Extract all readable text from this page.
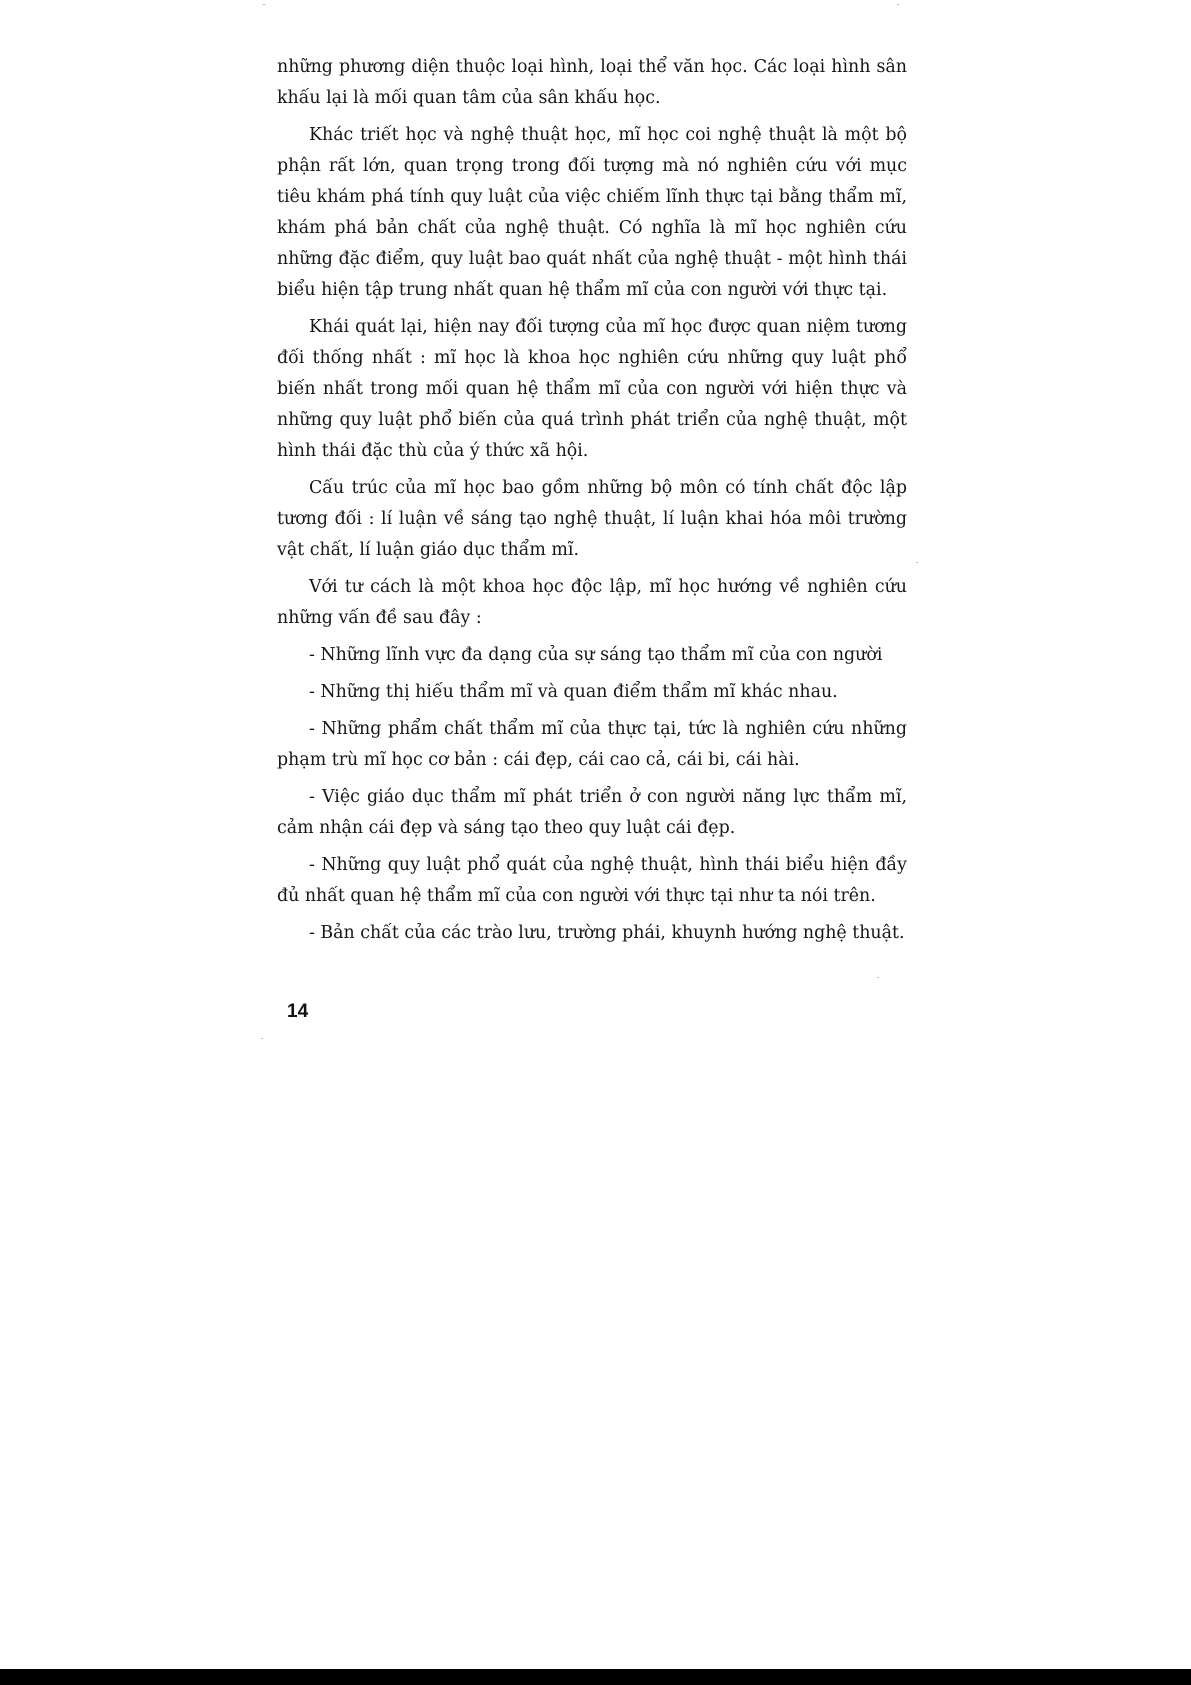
những phương diện thuộc loại hình, loại thể văn học. Các loại hình sân khấu lại là mối quan tâm của sân khấu học.

Khác triết học và nghệ thuật học, mĩ học coi nghệ thuật là một bộ phận rất lớn, quan trọng trong đối tượng mà nó nghiên cứu với mục tiêu khám phá tính quy luật của việc chiếm lĩnh thực tại bằng thẩm mĩ, khám phá bản chất của nghệ thuật. Có nghĩa là mĩ học nghiên cứu những đặc điểm, quy luật bao quát nhất của nghệ thuật - một hình thái biểu hiện tập trung nhất quan hệ thẩm mĩ của con người với thực tại.

Khái quát lại, hiện nay đối tượng của mĩ học được quan niệm tương đối thống nhất : mĩ học là khoa học nghiên cứu những quy luật phổ biến nhất trong mối quan hệ thẩm mĩ của con người với hiện thực và những quy luật phổ biến của quá trình phát triển của nghệ thuật, một hình thái đặc thù của ý thức xã hội.

Cấu trúc của mĩ học bao gồm những bộ môn có tính chất độc lập tương đối : lí luận về sáng tạo nghệ thuật, lí luận khai hóa môi trường vật chất, lí luận giáo dục thẩm mĩ.

Với tư cách là một khoa học độc lập, mĩ học hướng về nghiên cứu những vấn đề sau đây :

- Những lĩnh vực đa dạng của sự sáng tạo thẩm mĩ của con người

- Những thị hiếu thẩm mĩ và quan điểm thẩm mĩ khác nhau.

- Những phẩm chất thẩm mĩ của thực tại, tức là nghiên cứu những phạm trù mĩ học cơ bản : cái đẹp, cái cao cả, cái bi, cái hài.

- Việc giáo dục thẩm mĩ phát triển ở con người năng lực thẩm mĩ, cảm nhận cái đẹp và sáng tạo theo quy luật cái đẹp.

- Những quy luật phổ quát của nghệ thuật, hình thái biểu hiện đầy đủ nhất quan hệ thẩm mĩ của con người với thực tại như ta nói trên.

- Bản chất của các trào lưu, trường phái, khuynh hướng nghệ thuật.

14
